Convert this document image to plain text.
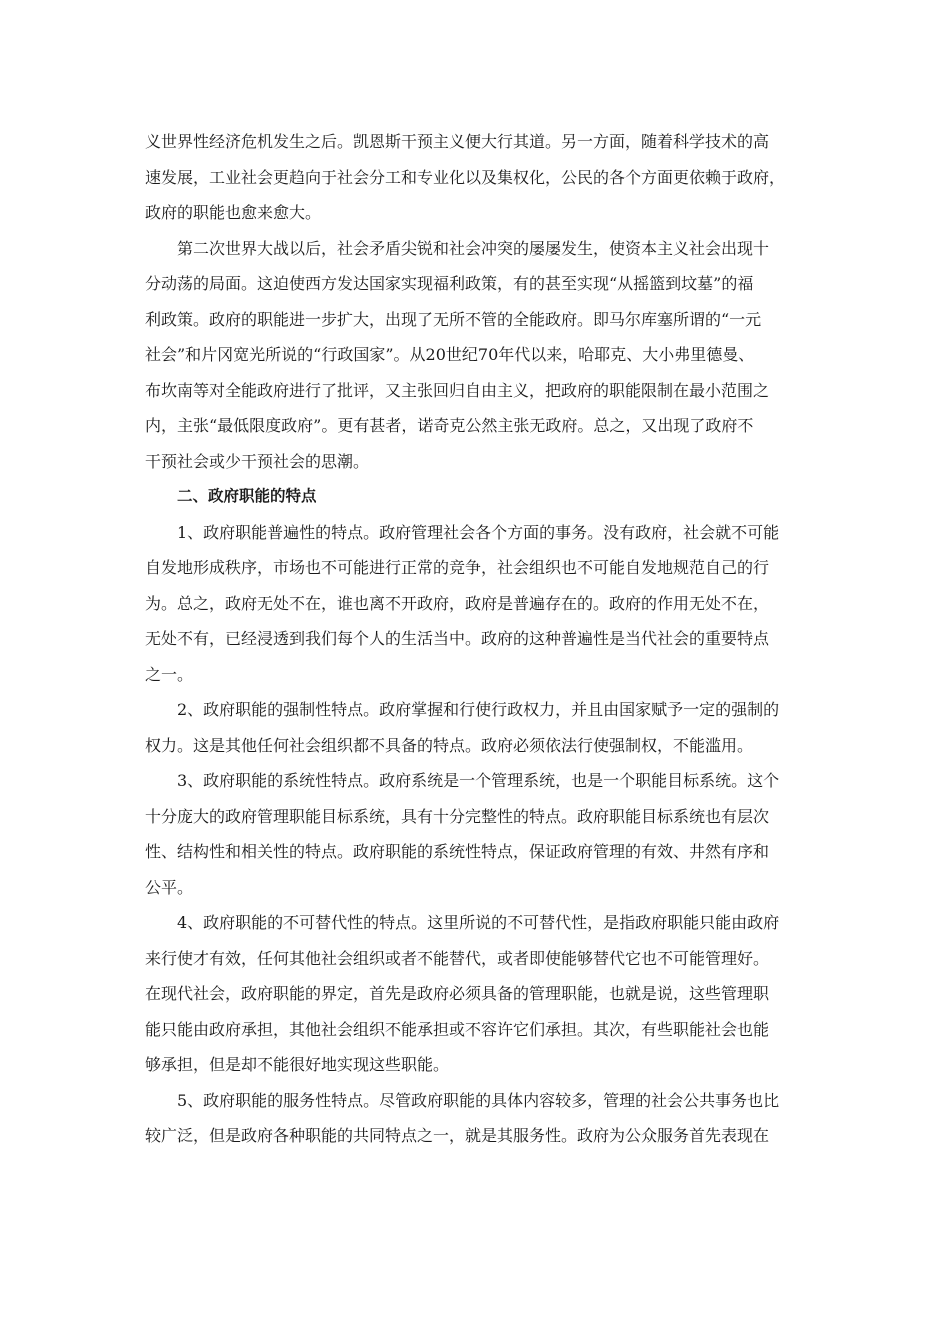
义世界性经济危机发生之后。凯恩斯干预主义便大行其道。另一方面，随着科学技术的高
速发展，工业社会更趋向于社会分工和专业化以及集权化，公民的各个方面更依赖于政府，
政府的职能也愈来愈大。

第二次世界大战以后，社会矛盾尖锐和社会冲突的屡屡发生，使资本主义社会出现十
分动荡的局面。这迫使西方发达国家实现福利政策，有的甚至实现“从摇篮到坟墓”的福
利政策。政府的职能进一步扩大，出现了无所不管的全能政府。即马尔库塞所谓的“一元
社会”和片冈宽光所说的“行政国家”。从20世纪70年代以来，哈耶克、大小弗里德曼、
布坎南等对全能政府进行了批评，又主张回归自由主义，把政府的职能限制在最小范围之
内，主张“最低限度政府”。更有甚者，诺奇克公然主张无政府。总之，又出现了政府不
干预社会或少干预社会的思潮。

二、政府职能的特点

1、政府职能普遍性的特点。政府管理社会各个方面的事务。没有政府，社会就不可能
自发地形成秩序，市场也不可能进行正常的竞争，社会组织也不可能自发地规范自己的行
为。总之，政府无处不在，谁也离不开政府，政府是普遍存在的。政府的作用无处不在，
无处不有，已经浸透到我们每个人的生活当中。政府的这种普遍性是当代社会的重要特点
之一。

2、政府职能的强制性特点。政府掌握和行使行政权力，并且由国家赋予一定的强制的
权力。这是其他任何社会组织都不具备的特点。政府必须依法行使强制权，不能滥用。

3、政府职能的系统性特点。政府系统是一个管理系统，也是一个职能目标系统。这个
十分庞大的政府管理职能目标系统，具有十分完整性的特点。政府职能目标系统也有层次
性、结构性和相关性的特点。政府职能的系统性特点，保证政府管理的有效、井然有序和
公平。

4、政府职能的不可替代性的特点。这里所说的不可替代性，是指政府职能只能由政府
来行使才有效，任何其他社会组织或者不能替代，或者即使能够替代它也不可能管理好。
在现代社会，政府职能的界定，首先是政府必须具备的管理职能，也就是说，这些管理职
能只能由政府承担，其他社会组织不能承担或不容许它们承担。其次，有些职能社会也能
够承担，但是却不能很好地实现这些职能。

5、政府职能的服务性特点。尽管政府职能的具体内容较多，管理的社会公共事务也比
较广泛，但是政府各种职能的共同特点之一，就是其服务性。政府为公众服务首先表现在
